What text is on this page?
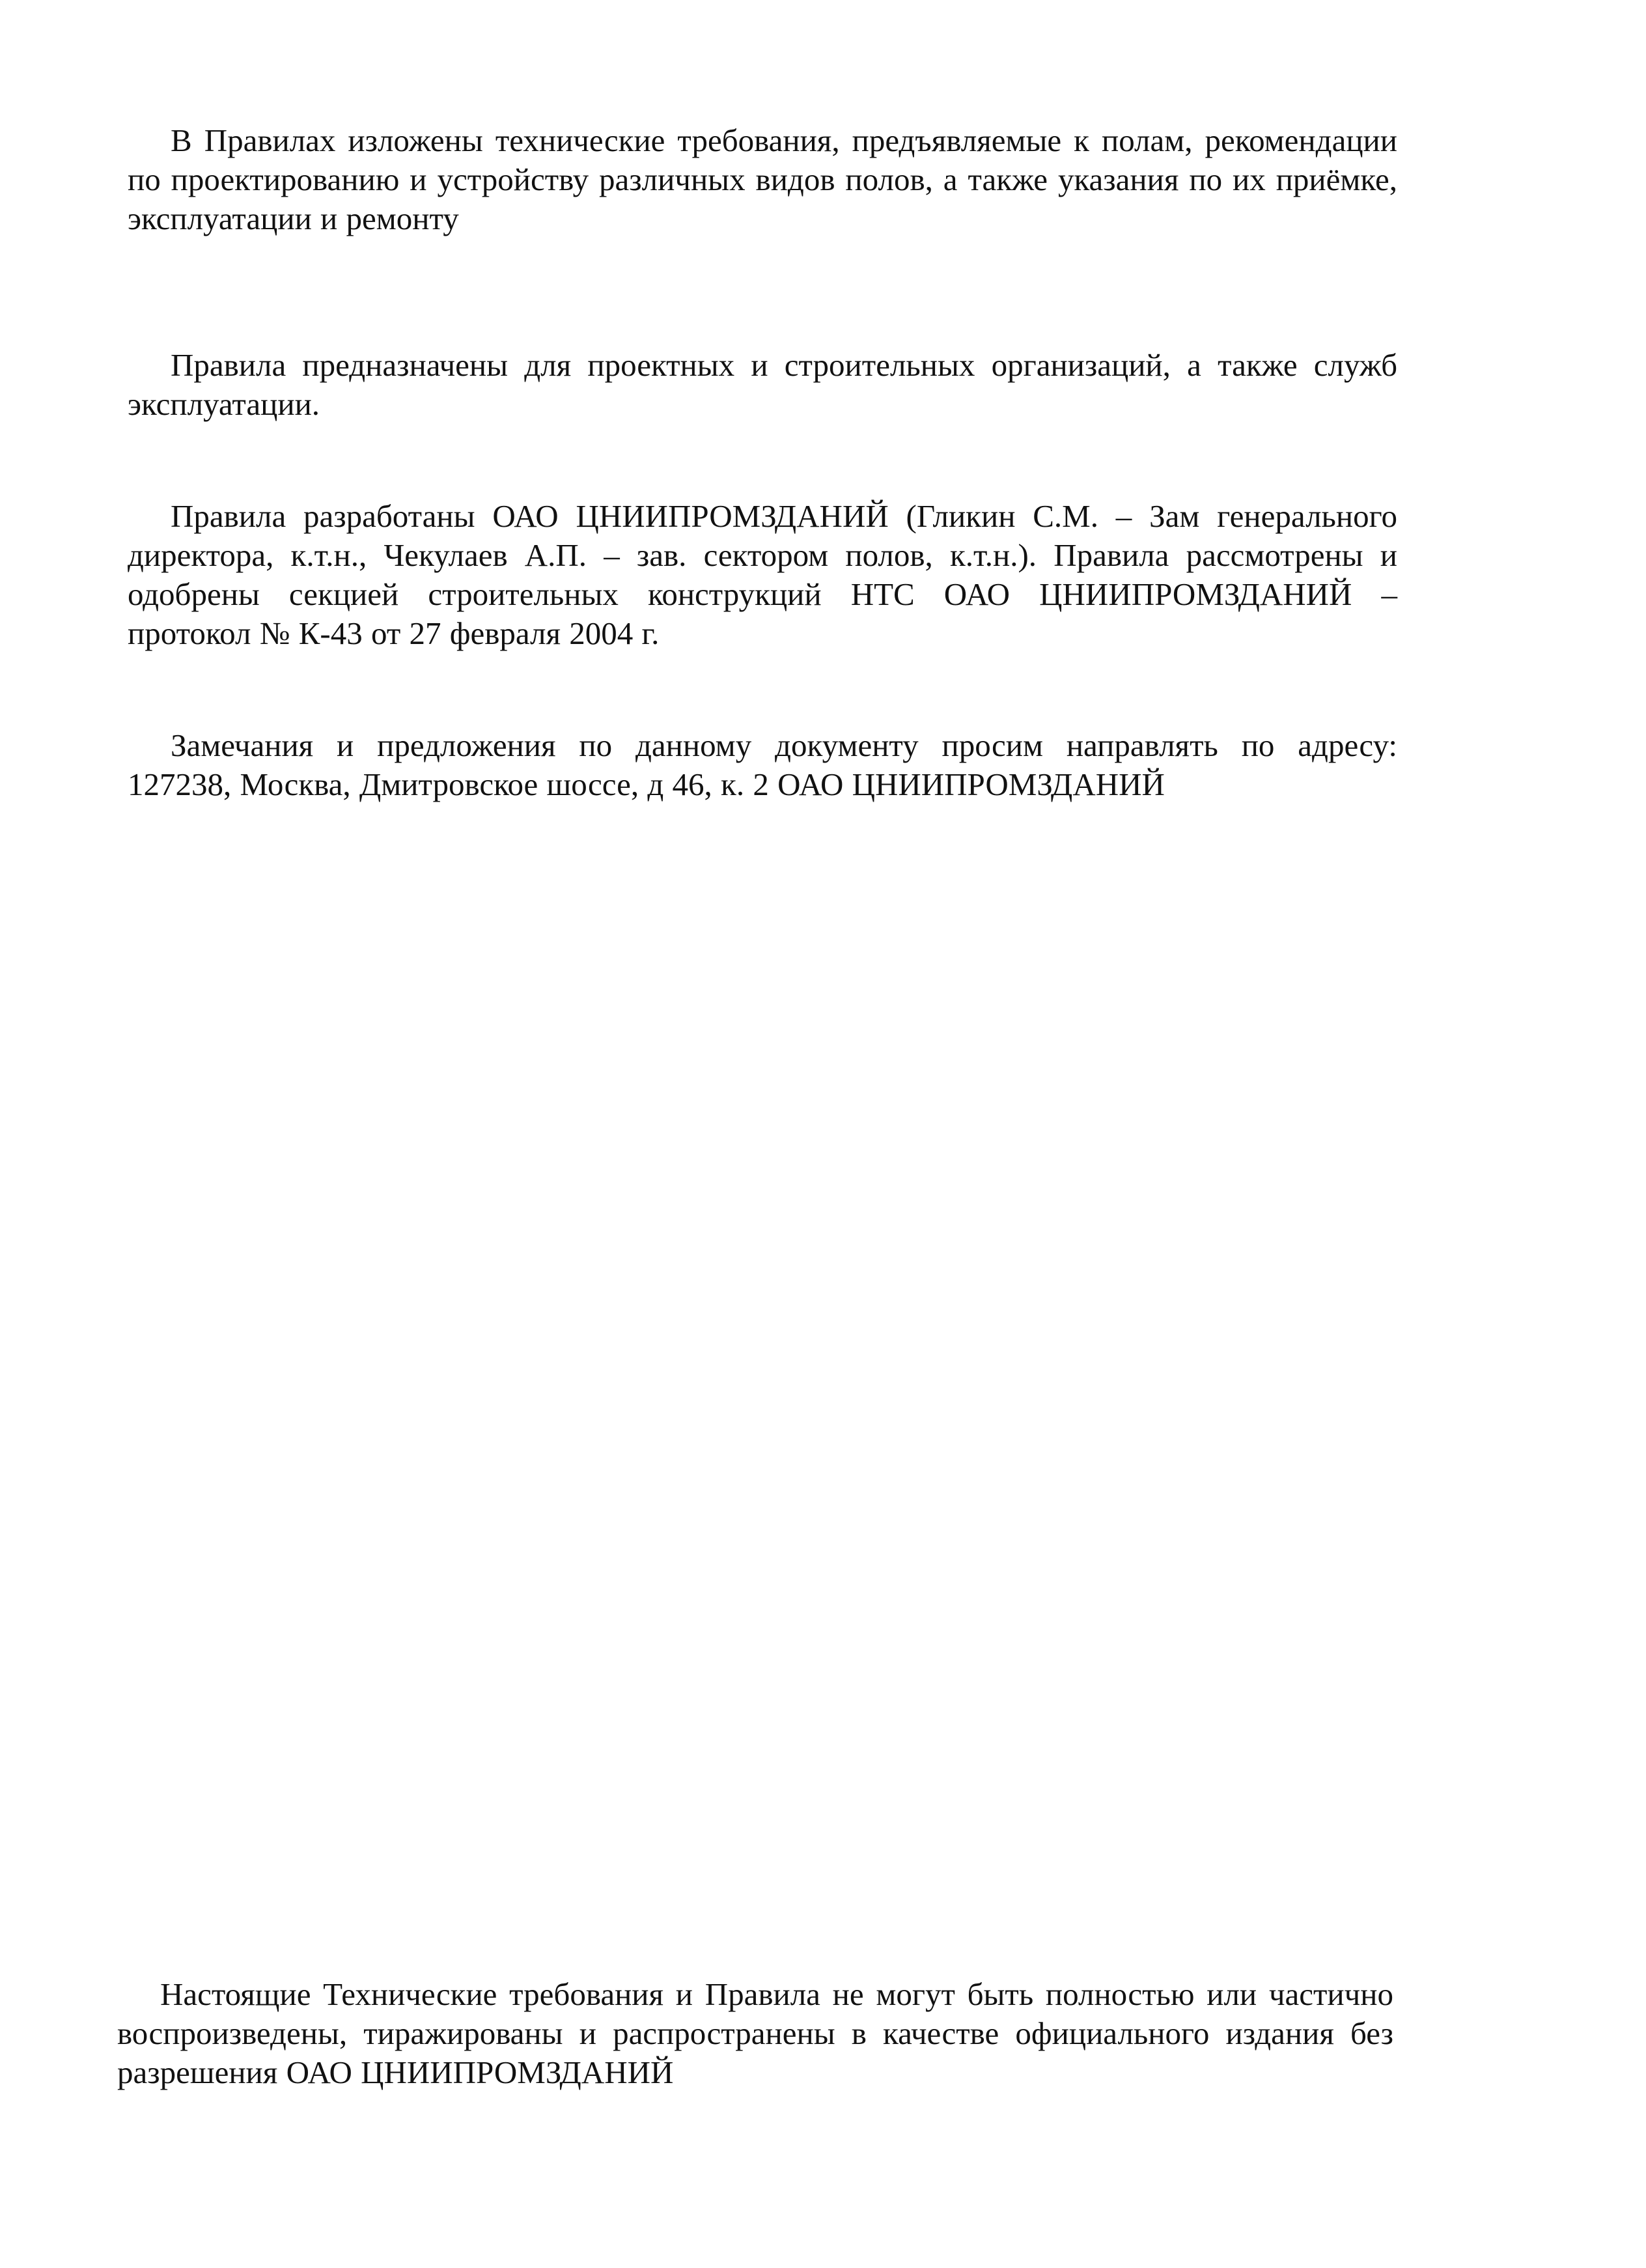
В Правилах изложены технические требования, предъявляемые к полам, рекомендации
по проектированию и устройству различных видов полов, а также указания по их приёмке,
эксплуатации и ремонту
Правила предназначены для проектных и строительных организаций, а также служб
эксплуатации.
Правила разработаны ОАО ЦНИИПРОМЗДАНИЙ (Гликин С.М. – Зам генерального
директора, к.т.н., Чекулаев А.П. – зав. сектором полов, к.т.н.). Правила рассмотрены и
одобрены секцией строительных конструкций НТС ОАО ЦНИИПРОМЗДАНИЙ –
протокол № К-43 от 27 февраля 2004 г.
Замечания и предложения по данному документу просим направлять по адресу:
127238, Москва, Дмитровское шоссе, д 46, к. 2 ОАО ЦНИИПРОМЗДАНИЙ
Настоящие Технические требования и Правила не могут быть полностью или частично
воспроизведены, тиражированы и распространены в качестве официального издания без
разрешения ОАО ЦНИИПРОМЗДАНИЙ
